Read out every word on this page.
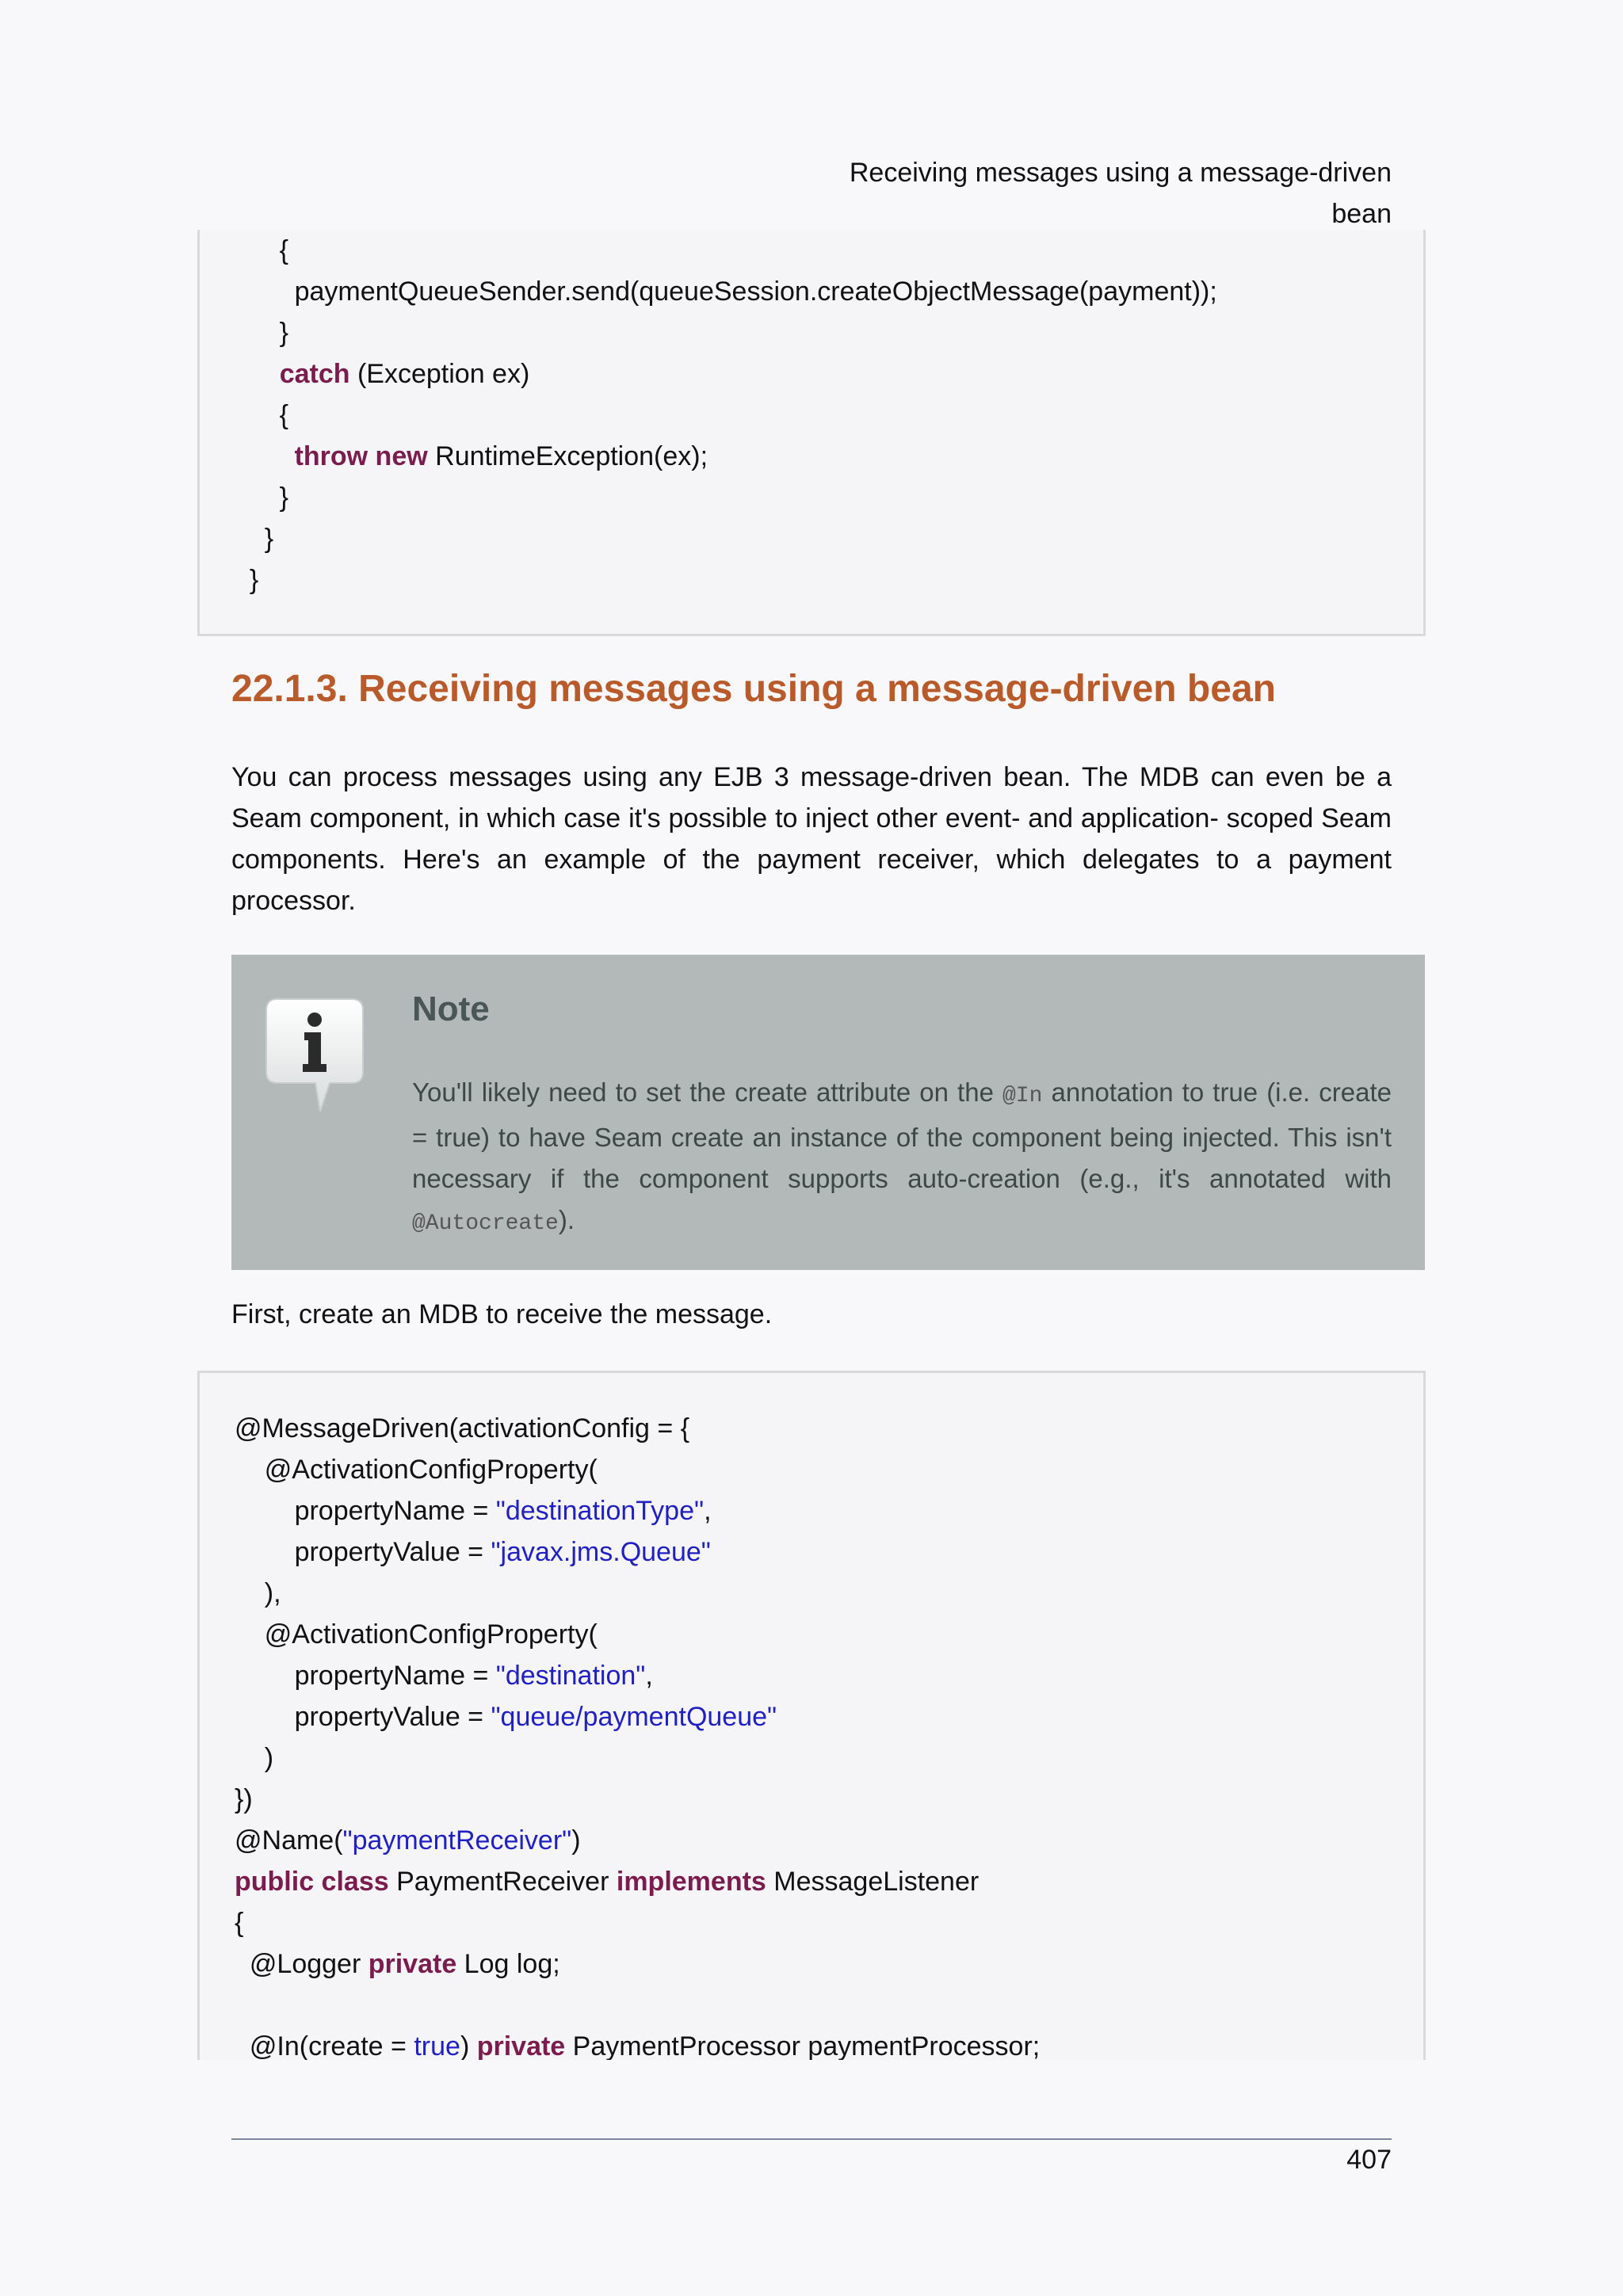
Receiving messages using a message-driven
bean
{
paymentQueueSender.send(queueSession.createObjectMessage(payment));
}
catch (Exception ex)
{
throw new RuntimeException(ex);
}
}
}
22.1.3. Receiving messages using a message-driven bean

You can process messages using any EJB 3 message-driven bean. The MDB can even be a Seam component, in which case it's possible to inject other event- and application- scoped Seam components. Here's an example of the payment receiver, which delegates to a payment processor.

Note

You'll likely need to set the create attribute on the @In annotation to true (i.e. create = true) to have Seam create an instance of the component being injected. This isn't necessary if the component supports auto-creation (e.g., it's annotated with @Autocreate).

First, create an MDB to receive the message.

@MessageDriven(activationConfig = {
@ActivationConfigProperty(
propertyName = "destinationType",
propertyValue = "javax.jms.Queue"
),
@ActivationConfigProperty(
propertyName = "destination",
propertyValue = "queue/paymentQueue"
)
})
@Name("paymentReceiver")
public class PaymentReceiver implements MessageListener
{
@Logger private Log log;
@In(create = true) private PaymentProcessor paymentProcessor;
407
